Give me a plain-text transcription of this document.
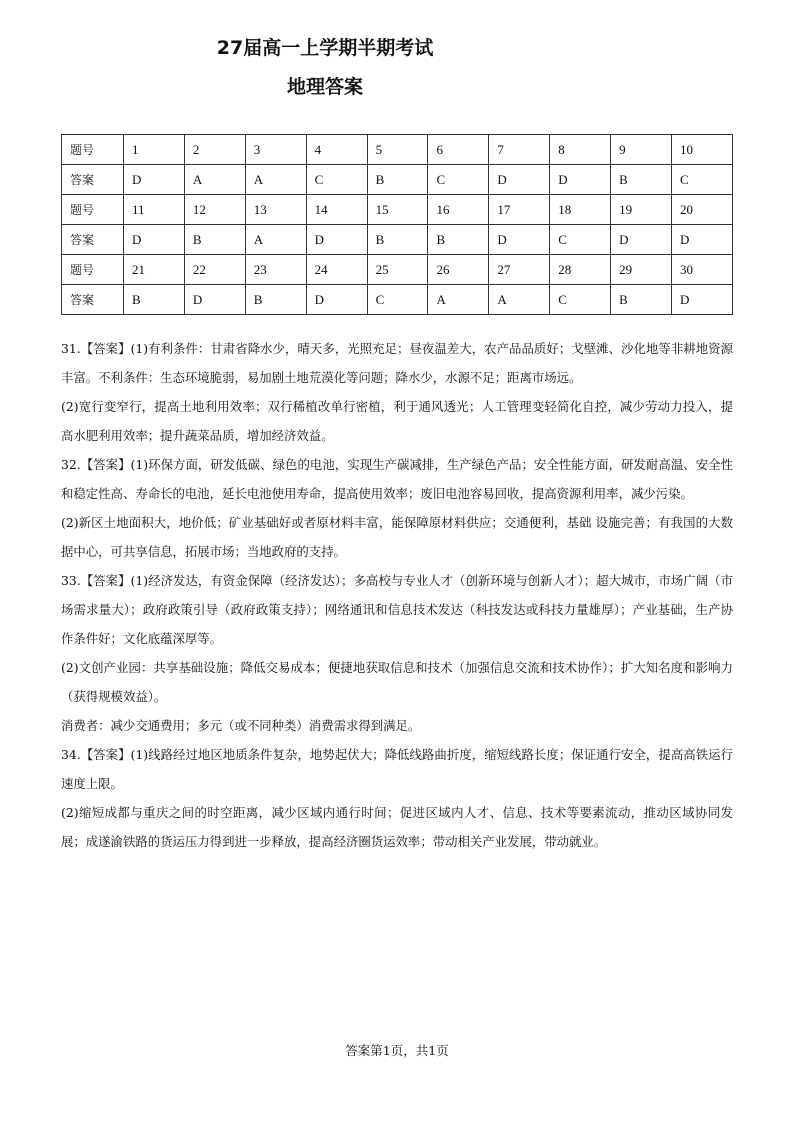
27届高一上学期半期考试
地理答案
题号	1	2	3	4	5	6	7	8	9	10
答案	D	A	A	C	B	C	D	D	B	C
题号	11	12	13	14	15	16	17	18	19	20
答案	D	B	A	D	B	B	D	C	D	D
题号	21	22	23	24	25	26	27	28	29	30
答案	B	D	B	D	C	A	A	C	B	D

31.【答案】(1)有利条件：甘肃省降水少，晴天多，光照充足；昼夜温差大，农产品品质好；戈壁滩、沙化地等非耕地资源丰富。不利条件：生态环境脆弱，易加剧土地荒漠化等问题；降水少，水源不足；距离市场远。

(2)宽行变窄行，提高土地利用效率；双行稀植改单行密植，利于通风透光；人工管理变轻简化自控，减少劳动力投入，提高水肥利用效率；提升蔬菜品质，增加经济效益。

32.【答案】(1)环保方面，研发低碳、绿色的电池，实现生产碳减排，生产绿色产品；安全性能方面，研发耐高温、安全性和稳定性高、寿命长的电池，延长电池使用寿命，提高使用效率；废旧电池容易回收，提高资源利用率，减少污染。

(2)新区土地面积大，地价低；矿业基础好或者原材料丰富，能保障原材料供应；交通便利，基础 设施完善；有我国的大数据中心，可共享信息，拓展市场；当地政府的支持。

33.【答案】(1)经济发达，有资金保障（经济发达）；多高校与专业人才（创新环境与创新人才）；超大城市，市场广阔（市场需求量大）；政府政策引导（政府政策支持）；网络通讯和信息技术发达（科技发达或科技力量雄厚）；产业基础，生产协作条件好；文化底蕴深厚等。

(2)文创产业园：共享基础设施；降低交易成本；便捷地获取信息和技术（加强信息交流和技术协作）；扩大知名度和影响力（获得规模效益）。

消费者：减少交通费用；多元（或不同种类）消费需求得到满足。

34.【答案】(1)线路经过地区地质条件复杂，地势起伏大；降低线路曲折度，缩短线路长度；保证通行安全，提高高铁运行速度上限。

(2)缩短成都与重庆之间的时空距离，减少区域内通行时间；促进区域内人才、信息、技术等要素流动，推动区域协同发展；成遂渝铁路的货运压力得到进一步释放，提高经济圈货运效率；带动相关产业发展，带动就业。

答案第1页，共1页
